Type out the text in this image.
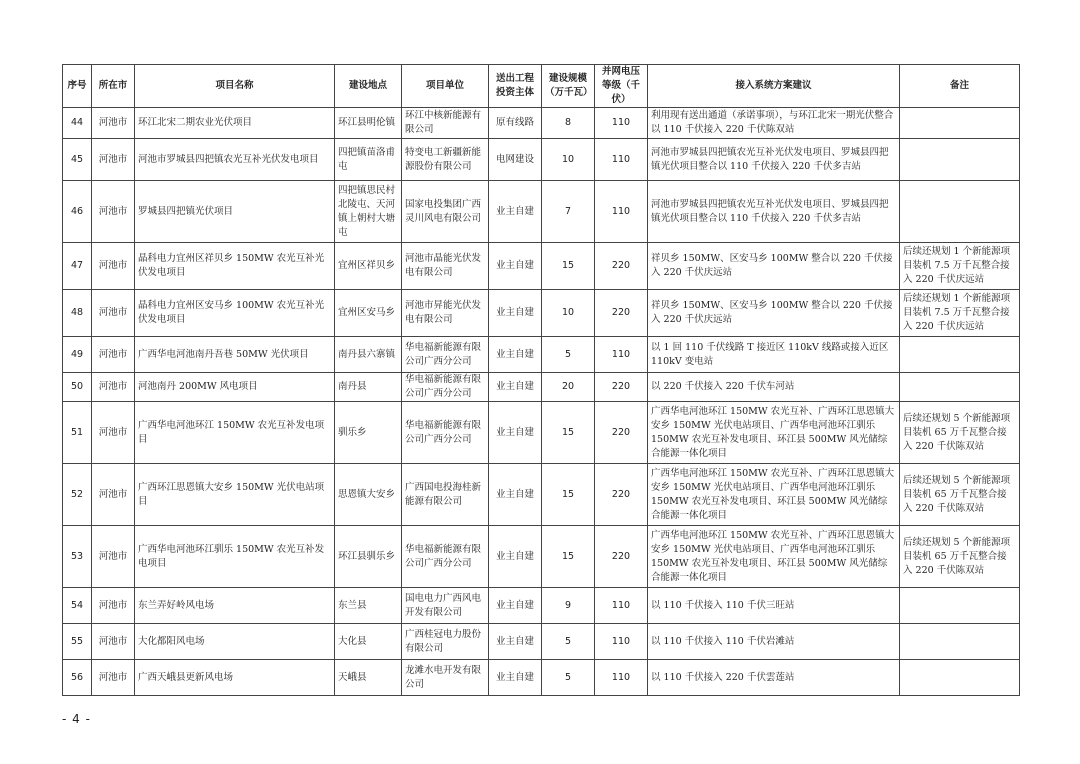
序号	所在市	项目名称	建设地点	项目单位	送出工程投资主体	建设规模（万千瓦）	并网电压等级（千伏）	接入系统方案建议	备注
44	河池市	环江北宋二期农业光伏项目	环江县明伦镇	环江中核新能源有限公司	原有线路	8	110	利用现有送出通道（承诺事项），与环江北宋一期光伏整合以 110 千伏接入 220 千伏陈双站	
45	河池市	河池市罗城县四把镇农光互补光伏发电项目	四把镇苗洛甫屯	特变电工新疆新能源股份有限公司	电网建设	10	110	河池市罗城县四把镇农光互补光伏发电项目、罗城县四把镇光伏项目整合以 110 千伏接入 220 千伏多吉站	
46	河池市	罗城县四把镇光伏项目	四把镇思民村北陵屯、天河镇上朝村大塘屯	国家电投集团广西灵川风电有限公司	业主自建	7	110	河池市罗城县四把镇农光互补光伏发电项目、罗城县四把镇光伏项目整合以 110 千伏接入 220 千伏多吉站	
47	河池市	晶科电力宜州区祥贝乡 150MW 农光互补光伏发电项目	宜州区祥贝乡	河池市晶能光伏发电有限公司	业主自建	15	220	祥贝乡 150MW、区安马乡 100MW 整合以 220 千伏接入 220 千伏庆远站	后续还规划 1 个新能源项目装机 7.5 万千瓦整合接入 220 千伏庆远站
48	河池市	晶科电力宜州区安马乡 100MW 农光互补光伏发电项目	宜州区安马乡	河池市昇能光伏发电有限公司	业主自建	10	220	祥贝乡 150MW、区安马乡 100MW 整合以 220 千伏接入 220 千伏庆远站	后续还规划 1 个新能源项目装机 7.5 万千瓦整合接入 220 千伏庆远站
49	河池市	广西华电河池南丹吾巷 50MW 光伏项目	南丹县六寨镇	华电福新能源有限公司广西分公司	业主自建	5	110	以 1 回 110 千伏线路 T 接近区 110kV 线路或接入近区 110kV 变电站	
50	河池市	河池南丹 200MW 风电项目	南丹县	华电福新能源有限公司广西分公司	业主自建	20	220	以 220 千伏接入 220 千伏车河站	
51	河池市	广西华电河池环江 150MW 农光互补发电项目	驯乐乡	华电福新能源有限公司广西分公司	业主自建	15	220	广西华电河池环江 150MW 农光互补、广西环江思恩镇大安乡 150MW 光伏电站项目、广西华电河池环江驯乐 150MW 农光互补发电项目、环江县 500MW 风光储综合能源一体化项目	后续还规划 5 个新能源项目装机 65 万千瓦整合接入 220 千伏陈双站
52	河池市	广西环江思恩镇大安乡 150MW 光伏电站项目	思恩镇大安乡	广西国电投海桂新能源有限公司	业主自建	15	220	广西华电河池环江 150MW 农光互补、广西环江思恩镇大安乡 150MW 光伏电站项目、广西华电河池环江驯乐 150MW 农光互补发电项目、环江县 500MW 风光储综合能源一体化项目	后续还规划 5 个新能源项目装机 65 万千瓦整合接入 220 千伏陈双站
53	河池市	广西华电河池环江驯乐 150MW 农光互补发电项目	环江县驯乐乡	华电福新能源有限公司广西分公司	业主自建	15	220	广西华电河池环江 150MW 农光互补、广西环江思恩镇大安乡 150MW 光伏电站项目、广西华电河池环江驯乐 150MW 农光互补发电项目、环江县 500MW 风光储综合能源一体化项目	后续还规划 5 个新能源项目装机 65 万千瓦整合接入 220 千伏陈双站
54	河池市	东兰弄好岭风电场	东兰县	国电电力广西风电开发有限公司	业主自建	9	110	以 110 千伏接入 110 千伏三旺站	
55	河池市	大化都阳风电场	大化县	广西桂冠电力股份有限公司	业主自建	5	110	以 110 千伏接入 110 千伏岩滩站	
56	河池市	广西天峨县更新风电场	天峨县	龙滩水电开发有限公司	业主自建	5	110	以 110 千伏接入 220 千伏雲莲站	
- 4 -
